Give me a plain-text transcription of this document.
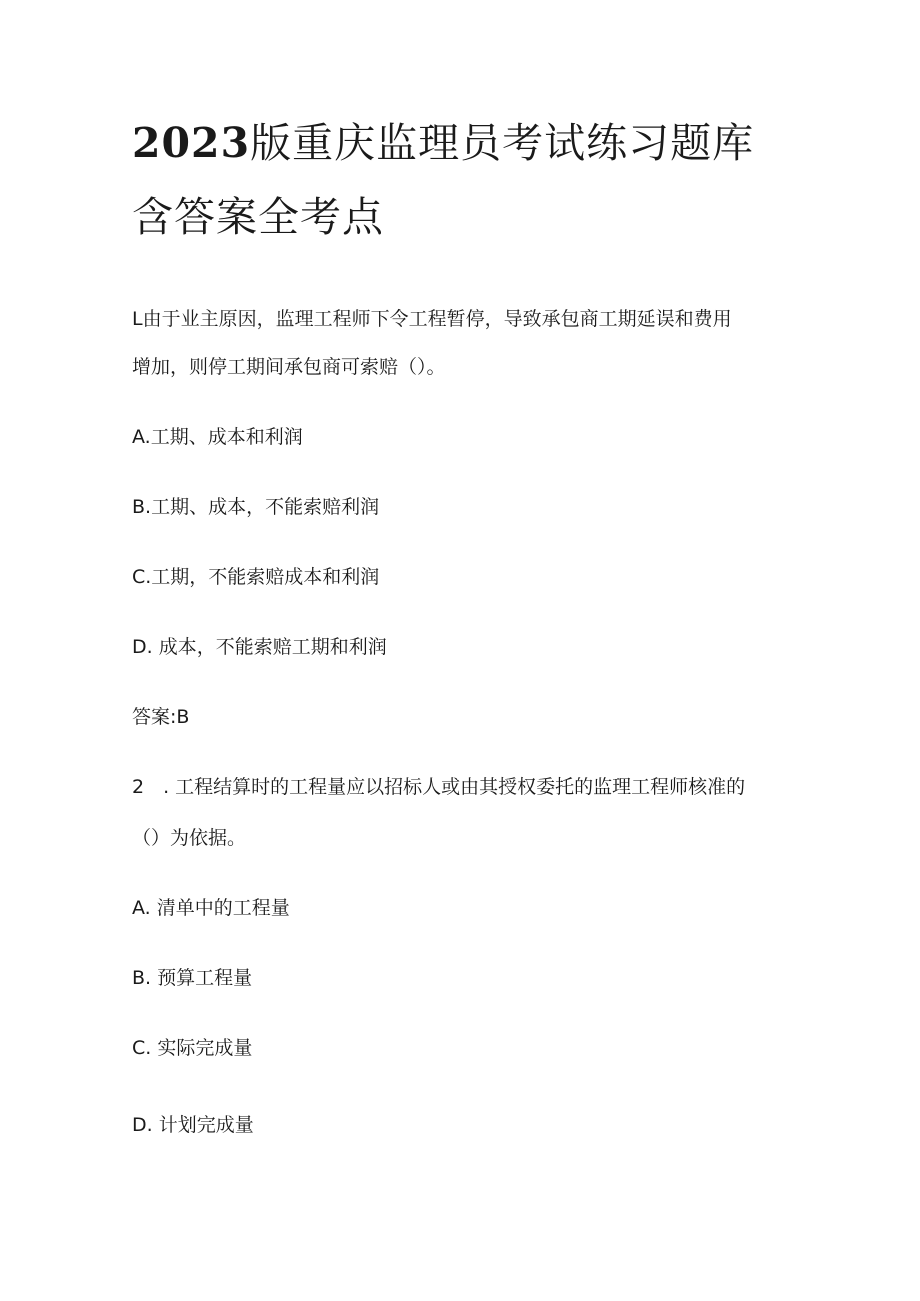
2023版重庆监理员考试练习题库含答案全考点

L由于业主原因，监理工程师下令工程暂停，导致承包商工期延误和费用

增加，则停工期间承包商可索赔（）。

A.工期、成本和利润

B.工期、成本，不能索赔利润

C.工期，不能索赔成本和利润

D. 成本，不能索赔工期和利润

答案:B

2　. 工程结算时的工程量应以招标人或由其授权委托的监理工程师核准的

（）为依据。

A. 清单中的工程量

B. 预算工程量

C. 实际完成量

D. 计划完成量
